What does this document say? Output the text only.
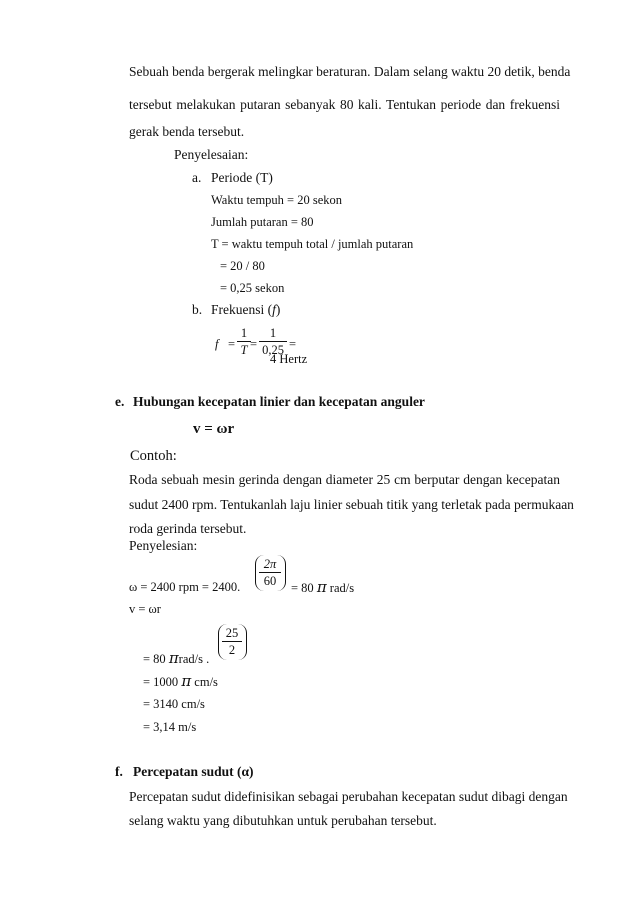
Sebuah benda bergerak melingkar beraturan. Dalam selang waktu 20 detik, benda
tersebut melakukan putaran sebanyak 80 kali. Tentukan periode dan frekuensi
gerak benda tersebut.
Penyelesaian:
a. Periode (T)
Waktu tempuh = 20 sekon
Jumlah putaran = 80
T = waktu tempuh total / jumlah putaran
= 20 / 80
= 0,25 sekon
b. Frekuensi (f)
f =
1
T =
1
0,25 =
4 Hertz
e. Hubungan kecepatan linier dan kecepatan anguler
v = ωr
Contoh:
Roda sebuah mesin gerinda dengan diameter 25 cm berputar dengan kecepatan
sudut 2400 rpm. Tentukanlah laju linier sebuah titik yang terletak pada permukaan
roda gerinda tersebut.
Penyelesian:
ω = 2400 rpm = 2400.
2π
60	= 80 π rad/s
v = ωr
25
2
= 80 πrad/s .
= 1000 π cm/s
= 3140 cm/s
= 3,14 m/s
f. Percepatan sudut (α)
Percepatan sudut didefinisikan sebagai perubahan kecepatan sudut dibagi dengan
selang waktu yang dibutuhkan untuk perubahan tersebut.
